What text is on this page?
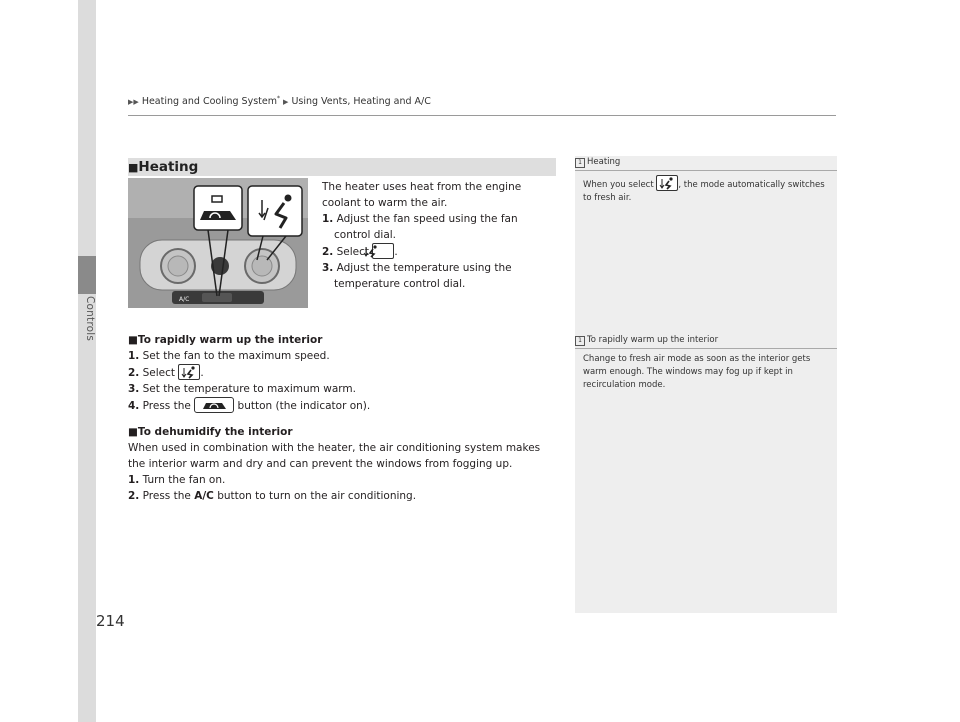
Controls
214
▶▶ Heating and Cooling System* ▶ Using Vents, Heating and A/C
■Heating
A/C
The heater uses heat from the engine coolant to warm the air.
1. Adjust the fan speed using the fan control dial.
2. Select .
3. Adjust the temperature using the temperature control dial.
■To rapidly warm up the interior
1. Set the fan to the maximum speed.
2. Select .
3. Set the temperature to maximum warm.
4. Press the	button (the indicator on).
■To dehumidify the interior
When used in combination with the heater, the air conditioning system makes the interior warm and dry and can prevent the windows from fogging up.
1. Turn the fan on.
2. Press the A/C button to turn on the air conditioning.
1 Heating
When you select	, the mode automatically switches to fresh air.
1 To rapidly warm up the interior
Change to fresh air mode as soon as the interior gets warm enough. The windows may fog up if kept in recirculation mode.
